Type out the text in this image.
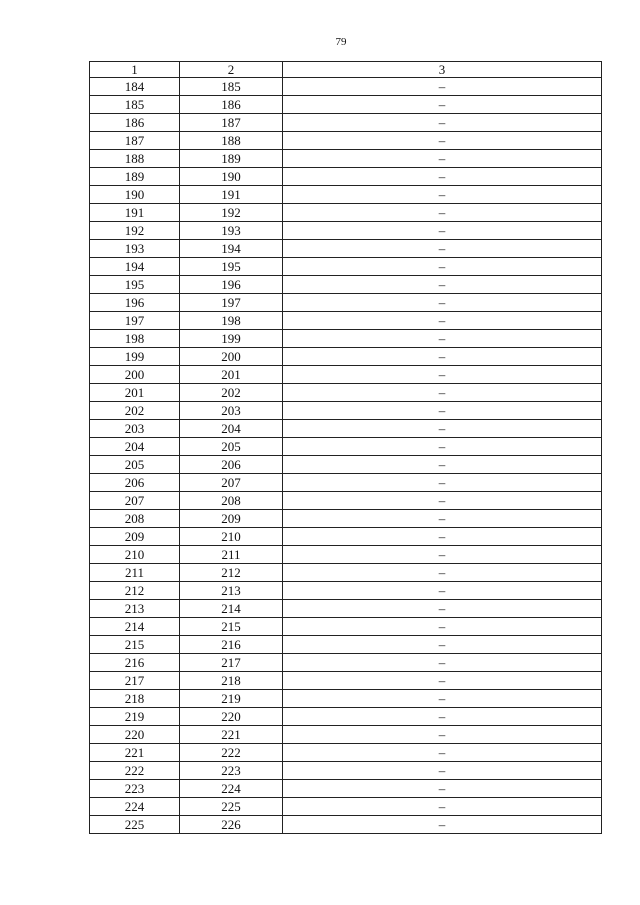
79
1	2	3
184	185	–
185	186	–
186	187	–
187	188	–
188	189	–
189	190	–
190	191	–
191	192	–
192	193	–
193	194	–
194	195	–
195	196	–
196	197	–
197	198	–
198	199	–
199	200	–
200	201	–
201	202	–
202	203	–
203	204	–
204	205	–
205	206	–
206	207	–
207	208	–
208	209	–
209	210	–
210	211	–
211	212	–
212	213	–
213	214	–
214	215	–
215	216	–
216	217	–
217	218	–
218	219	–
219	220	–
220	221	–
221	222	–
222	223	–
223	224	–
224	225	–
225	226	–
